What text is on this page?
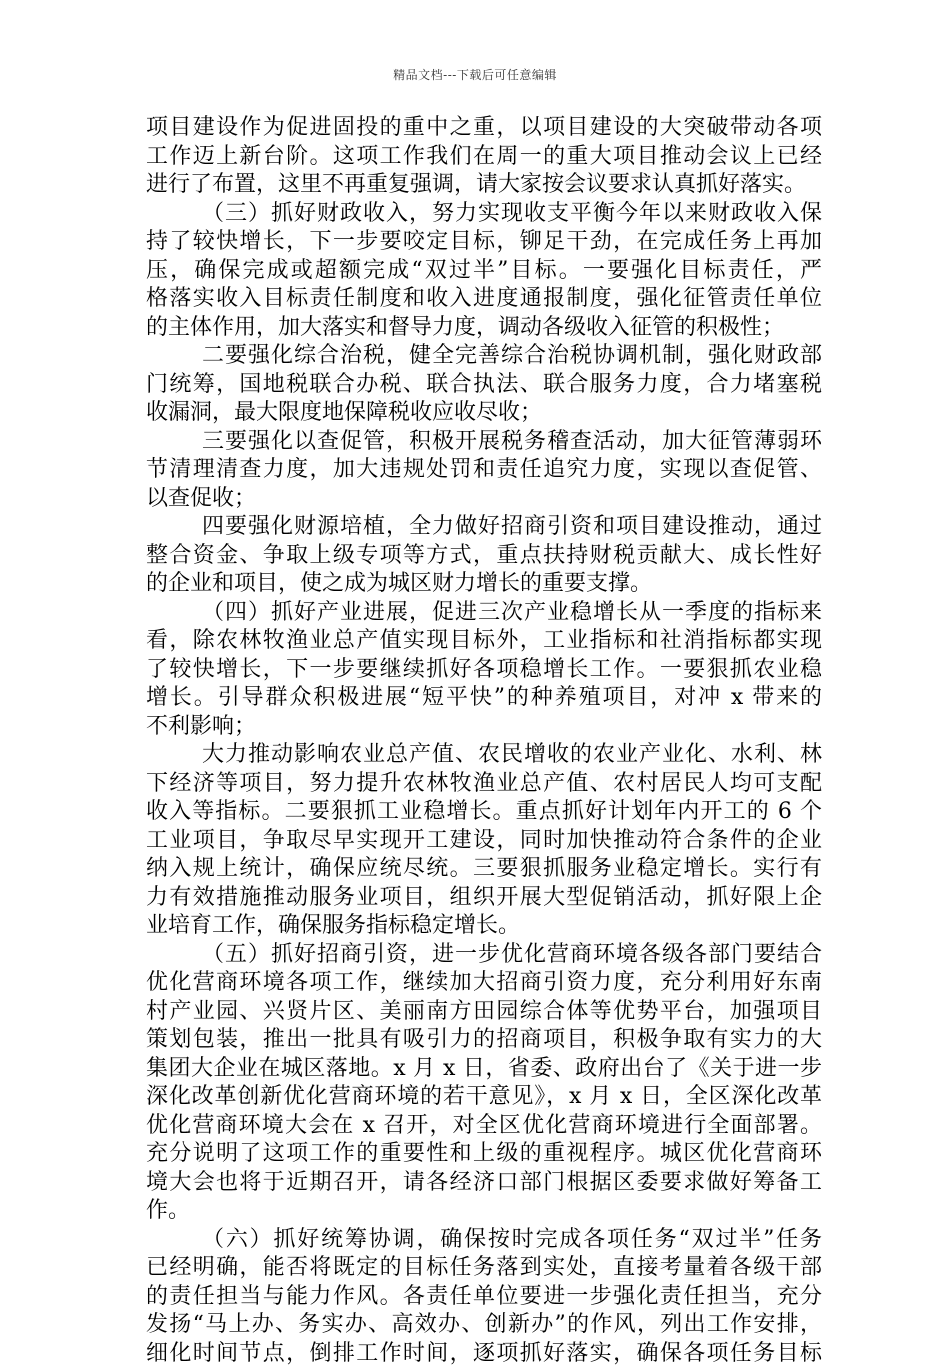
精品文档---下载后可任意编辑
项目建设作为促进固投的重中之重，以项目建设的大突破带动各项
工作迈上新台阶。这项工作我们在周一的重大项目推动会议上已经
进行了布置，这里不再重复强调，请大家按会议要求认真抓好落实。
（三）抓好财政收入，努力实现收支平衡今年以来财政收入保
持了较快增长，下一步要咬定目标，铆足干劲，在完成任务上再加
压，确保完成或超额完成“双过半”目标。一要强化目标责任，严
格落实收入目标责任制度和收入进度通报制度，强化征管责任单位
的主体作用，加大落实和督导力度，调动各级收入征管的积极性；
二要强化综合治税，健全完善综合治税协调机制，强化财政部
门统筹，国地税联合办税、联合执法、联合服务力度，合力堵塞税
收漏洞，最大限度地保障税收应收尽收；
三要强化以查促管，积极开展税务稽查活动，加大征管薄弱环
节清理清查力度，加大违规处罚和责任追究力度，实现以查促管、
以查促收；
四要强化财源培植，全力做好招商引资和项目建设推动，通过
整合资金、争取上级专项等方式，重点扶持财税贡献大、成长性好
的企业和项目，使之成为城区财力增长的重要支撑。
（四）抓好产业进展，促进三次产业稳增长从一季度的指标来
看，除农林牧渔业总产值实现目标外，工业指标和社消指标都实现
了较快增长，下一步要继续抓好各项稳增长工作。一要狠抓农业稳
增长。引导群众积极进展“短平快”的种养殖项目，对冲 x 带来的
不利影响；
大力推动影响农业总产值、农民增收的农业产业化、水利、林
下经济等项目，努力提升农林牧渔业总产值、农村居民人均可支配
收入等指标。二要狠抓工业稳增长。重点抓好计划年内开工的 6 个
工业项目，争取尽早实现开工建设，同时加快推动符合条件的企业
纳入规上统计，确保应统尽统。三要狠抓服务业稳定增长。实行有
力有效措施推动服务业项目，组织开展大型促销活动，抓好限上企
业培育工作，确保服务指标稳定增长。
（五）抓好招商引资，进一步优化营商环境各级各部门要结合
优化营商环境各项工作，继续加大招商引资力度，充分利用好东南
村产业园、兴贤片区、美丽南方田园综合体等优势平台，加强项目
策划包装，推出一批具有吸引力的招商项目，积极争取有实力的大
集团大企业在城区落地。x 月 x 日，省委、政府出台了《关于进一步
深化改革创新优化营商环境的若干意见》，x 月 x 日，全区深化改革
优化营商环境大会在 x 召开，对全区优化营商环境进行全面部署。
充分说明了这项工作的重要性和上级的重视程序。城区优化营商环
境大会也将于近期召开，请各经济口部门根据区委要求做好筹备工
作。
（六）抓好统筹协调，确保按时完成各项任务“双过半”任务
已经明确，能否将既定的目标任务落到实处，直接考量着各级干部
的责任担当与能力作风。各责任单位要进一步强化责任担当，充分
发扬“马上办、务实办、高效办、创新办”的作风，列出工作安排，
细化时间节点，倒排工作时间，逐项抓好落实，确保各项任务目标
